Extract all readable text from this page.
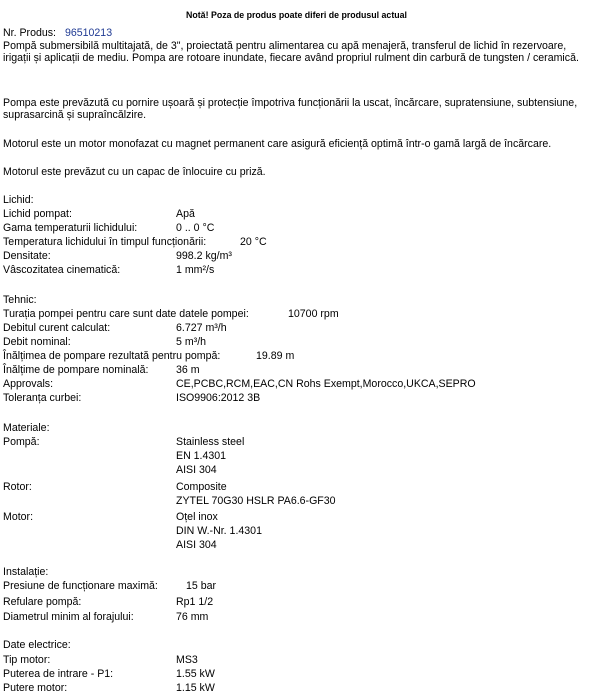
Notă! Poza de produs poate diferi de produsul actual
Nr. Produs: 96510213
Pompă submersibilă multitajată, de 3", proiectată pentru alimentarea cu apă menajeră, transferul de lichid în rezervoare, irigații și aplicații de mediu. Pompa are rotoare inundate, fiecare având propriul rulment din carbură de tungsten / ceramică.
Pompa este prevăzută cu pornire ușoară și protecție împotriva funcționării la uscat, încărcare, supratensiune, subtensiune, suprasarcină și supraîncălzire.
Motorul este un motor monofazat cu magnet permanent care asigură eficiență optimă într-o gamă largă de încărcare.
Motorul este prevăzut cu un capac de înlocuire cu priză.
Lichid:
Lichid pompat:	Apă
Gama temperaturii lichidului:	0 .. 0 °C
Temperatura lichidului în timpul funcționării:	20 °C
Densitate:	998.2 kg/m³
Vâscozitatea cinematică:	1 mm²/s
Tehnic:
Turația pompei pentru care sunt date datele pompei:	10700 rpm
Debitul curent calculat:	6.727 m³/h
Debit nominal:	5 m³/h
Înălțimea de pompare rezultată pentru pompă:	19.89 m
Înălțime de pompare nominală:	36 m
Approvals:	CE,PCBC,RCM,EAC,CN Rohs Exempt,Morocco,UKCA,SEPRO
Toleranța curbei:	ISO9906:2012 3B
Materiale:
Pompă:	Stainless steel
EN 1.4301
AISI 304
Rotor:	Composite
ZYTEL 70G30 HSLR PA6.6-GF30
Motor:	Oțel inox
DIN W.-Nr. 1.4301
AISI 304
Instalație:
Presiune de funcționare maximă:	15 bar
Refulare pompă:	Rp1 1/2
Diametrul minim al forajului:	76 mm
Date electrice:
Tip motor:	MS3
Puterea de intrare - P1:	1.55 kW
Putere motor:	1.15 kW
